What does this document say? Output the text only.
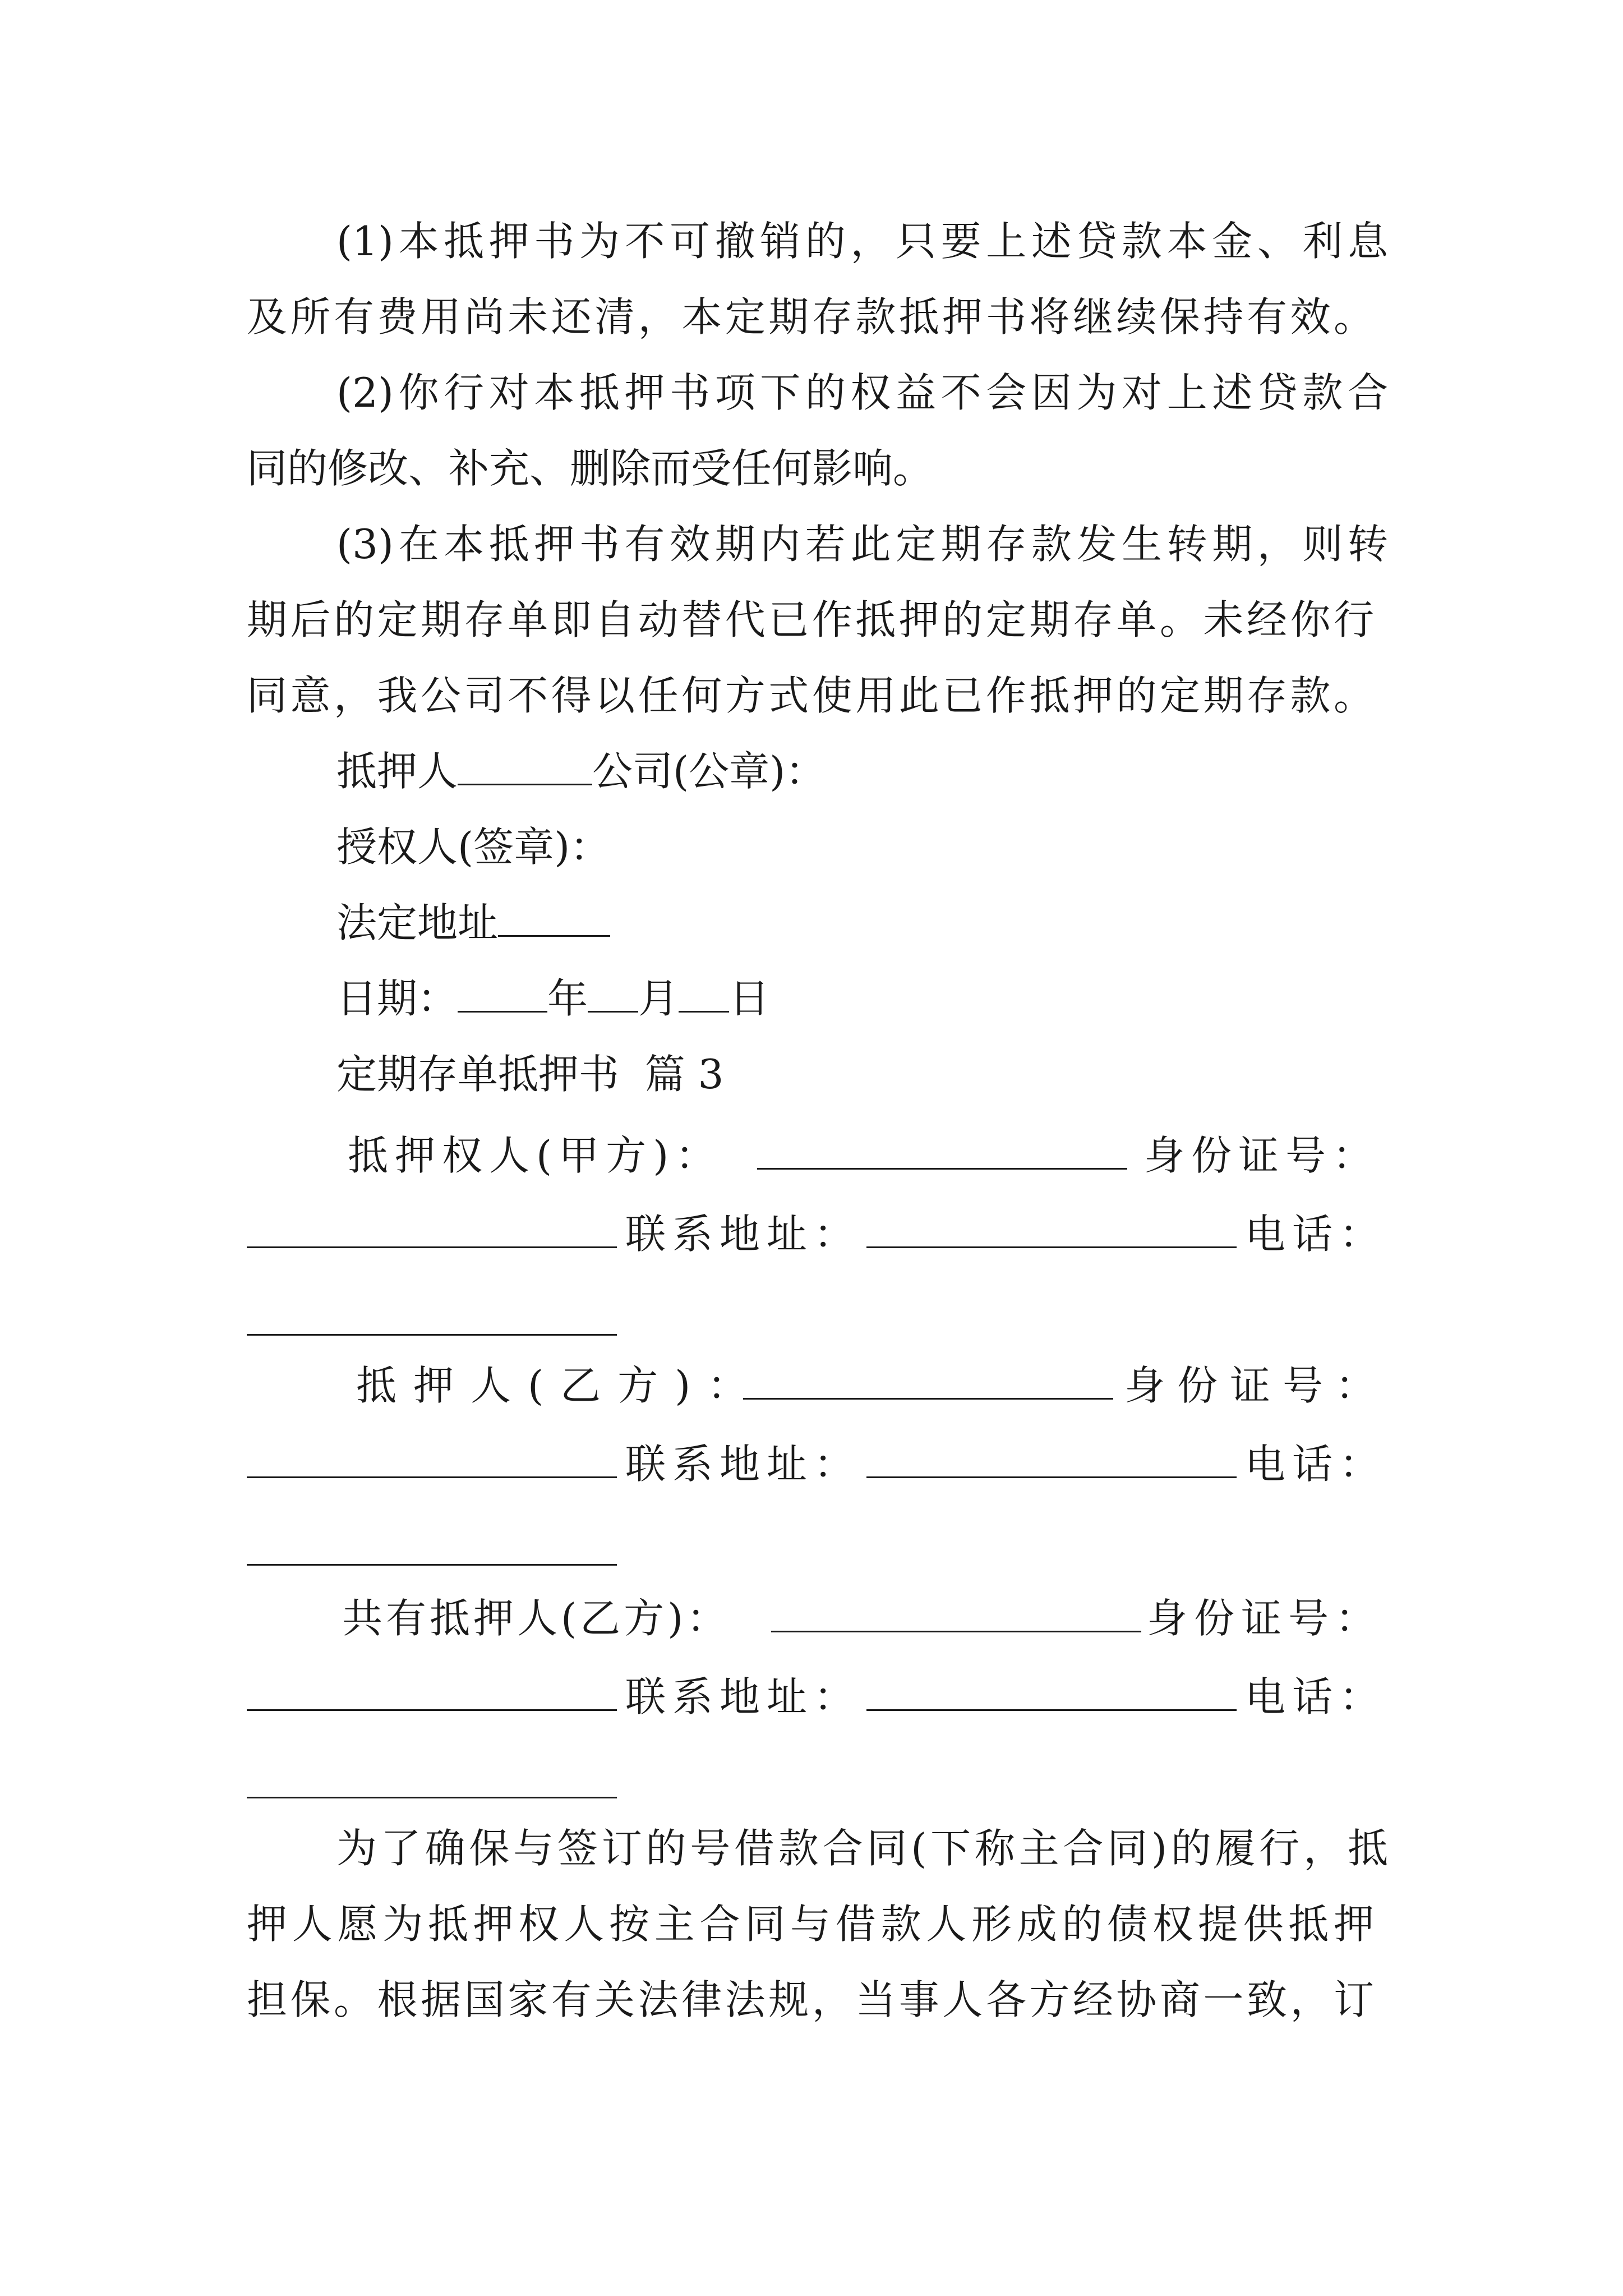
(1)本抵押书为不可撤销的，只要上述贷款本金、利息
及所有费用尚未还清，本定期存款抵押书将继续保持有效。
(2)你行对本抵押书项下的权益不会因为对上述贷款合
同的修改、补充、删除而受任何影响。
(3)在本抵押书有效期内若此定期存款发生转期，则转
期后的定期存单即自动替代已作抵押的定期存单。未经你行
同意，我公司不得以任何方式使用此已作抵押的定期存款。
抵押人	公司(公章)：
授权人(签章)：
法定地址
日期： 年 月 日
定期存单抵押书  篇 3
抵押权人(甲方)：	身份证号：
联系地址：	电话：
抵押人(乙方)：	身份证号：
联系地址：	电话：
共有抵押人(乙方)：	身份证号：
联系地址：	电话：
为了确保与签订的号借款合同(下称主合同)的履行，抵
押人愿为抵押权人按主合同与借款人形成的债权提供抵押
担保。根据国家有关法律法规，当事人各方经协商一致，订
